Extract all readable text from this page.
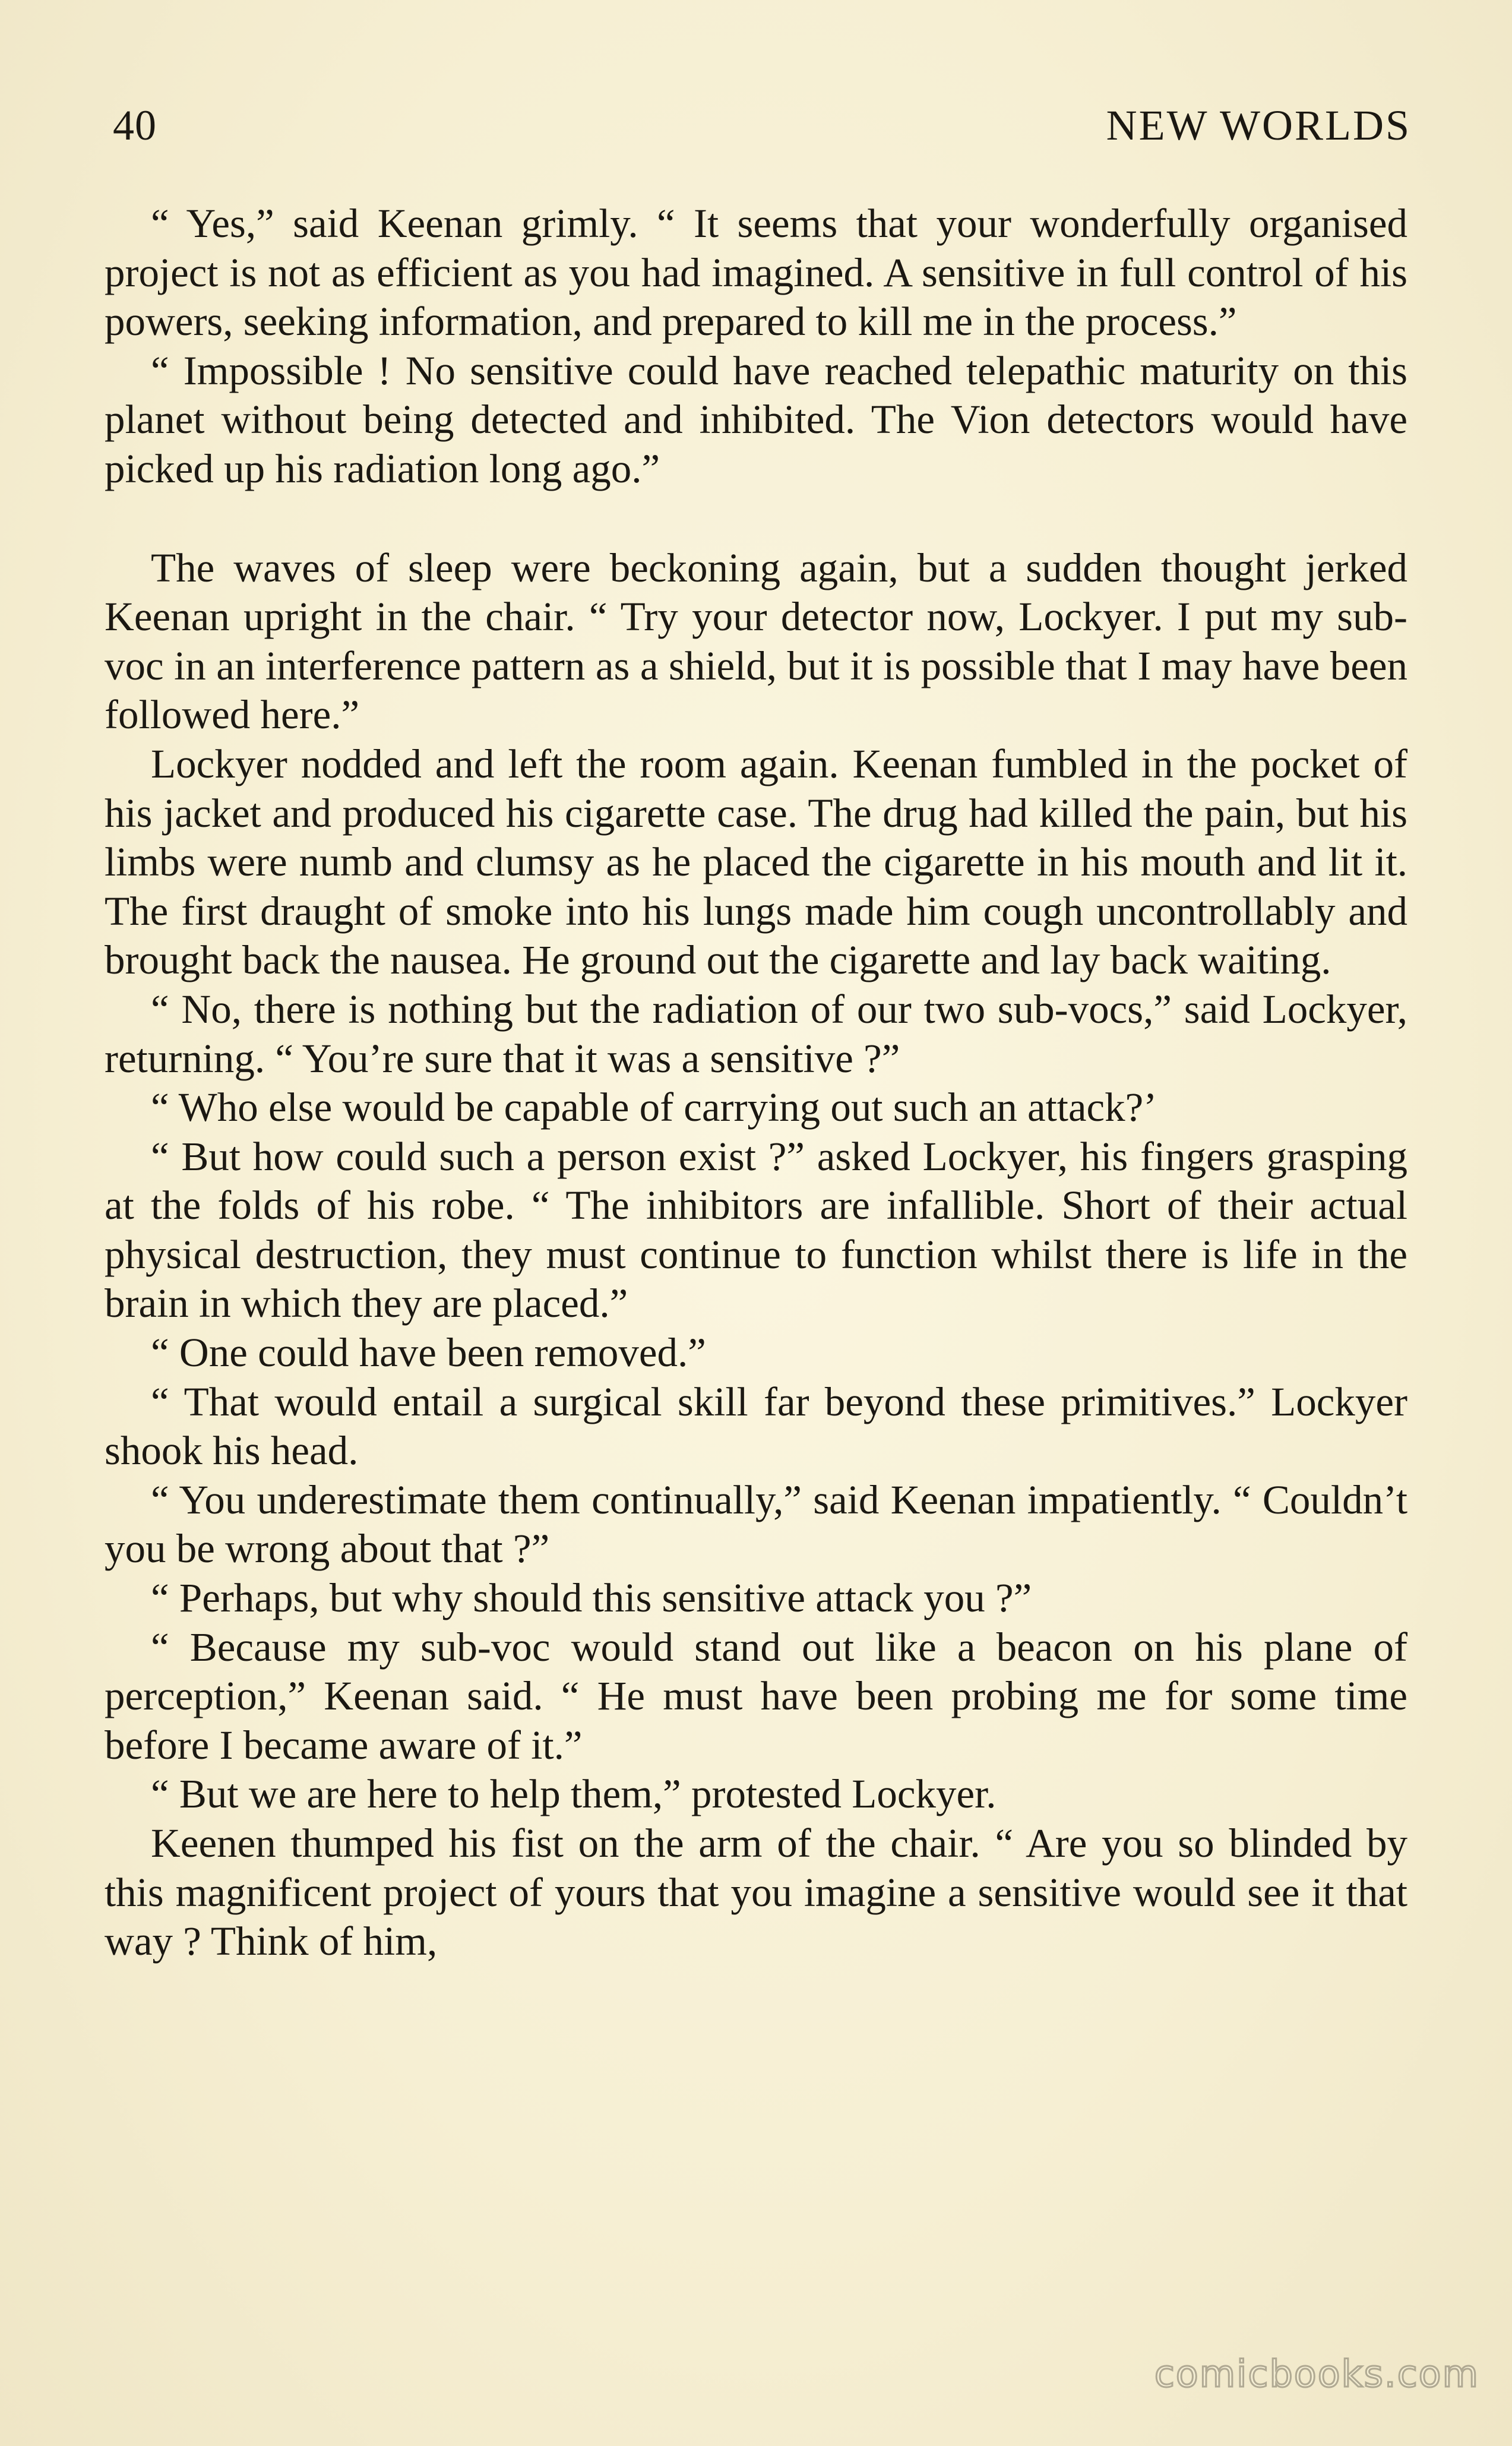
40	NEW WORLDS

“ Yes,” said Keenan grimly. “ It seems that your wonderfully organised project is not as efficient as you had imagined. A sensitive in full control of his powers, seeking information, and prepared to kill me in the process.”

“ Impossible ! No sensitive could have reached telepathic maturity on this planet without being detected and inhibited. The Vion detectors would have picked up his radiation long ago.”

The waves of sleep were beckoning again, but a sudden thought jerked Keenan upright in the chair. “ Try your detector now, Lockyer. I put my sub-voc in an interference pattern as a shield, but it is possible that I may have been followed here.”

Lockyer nodded and left the room again. Keenan fumbled in the pocket of his jacket and produced his cigarette case. The drug had killed the pain, but his limbs were numb and clumsy as he placed the cigarette in his mouth and lit it. The first draught of smoke into his lungs made him cough uncontrollably and brought back the nausea. He ground out the cigarette and lay back waiting.

“ No, there is nothing but the radiation of our two sub-vocs,” said Lockyer, returning. “ You’re sure that it was a sensitive ?”

“ Who else would be capable of carrying out such an attack?’

“ But how could such a person exist ?” asked Lockyer, his fingers grasping at the folds of his robe. “ The inhibitors are infallible. Short of their actual physical destruction, they must continue to function whilst there is life in the brain in which they are placed.”

“ One could have been removed.”

“ That would entail a surgical skill far beyond these primitives.” Lockyer shook his head.

“ You underestimate them continually,” said Keenan impatiently. “ Couldn’t you be wrong about that ?”

“ Perhaps, but why should this sensitive attack you ?”

“ Because my sub-voc would stand out like a beacon on his plane of perception,” Keenan said. “ He must have been probing me for some time before I became aware of it.”

“ But we are here to help them,” protested Lockyer.

Keenen thumped his fist on the arm of the chair. “ Are you so blinded by this magnificent project of yours that you imagine a sensitive would see it that way ? Think of him,

comicbooks.com
